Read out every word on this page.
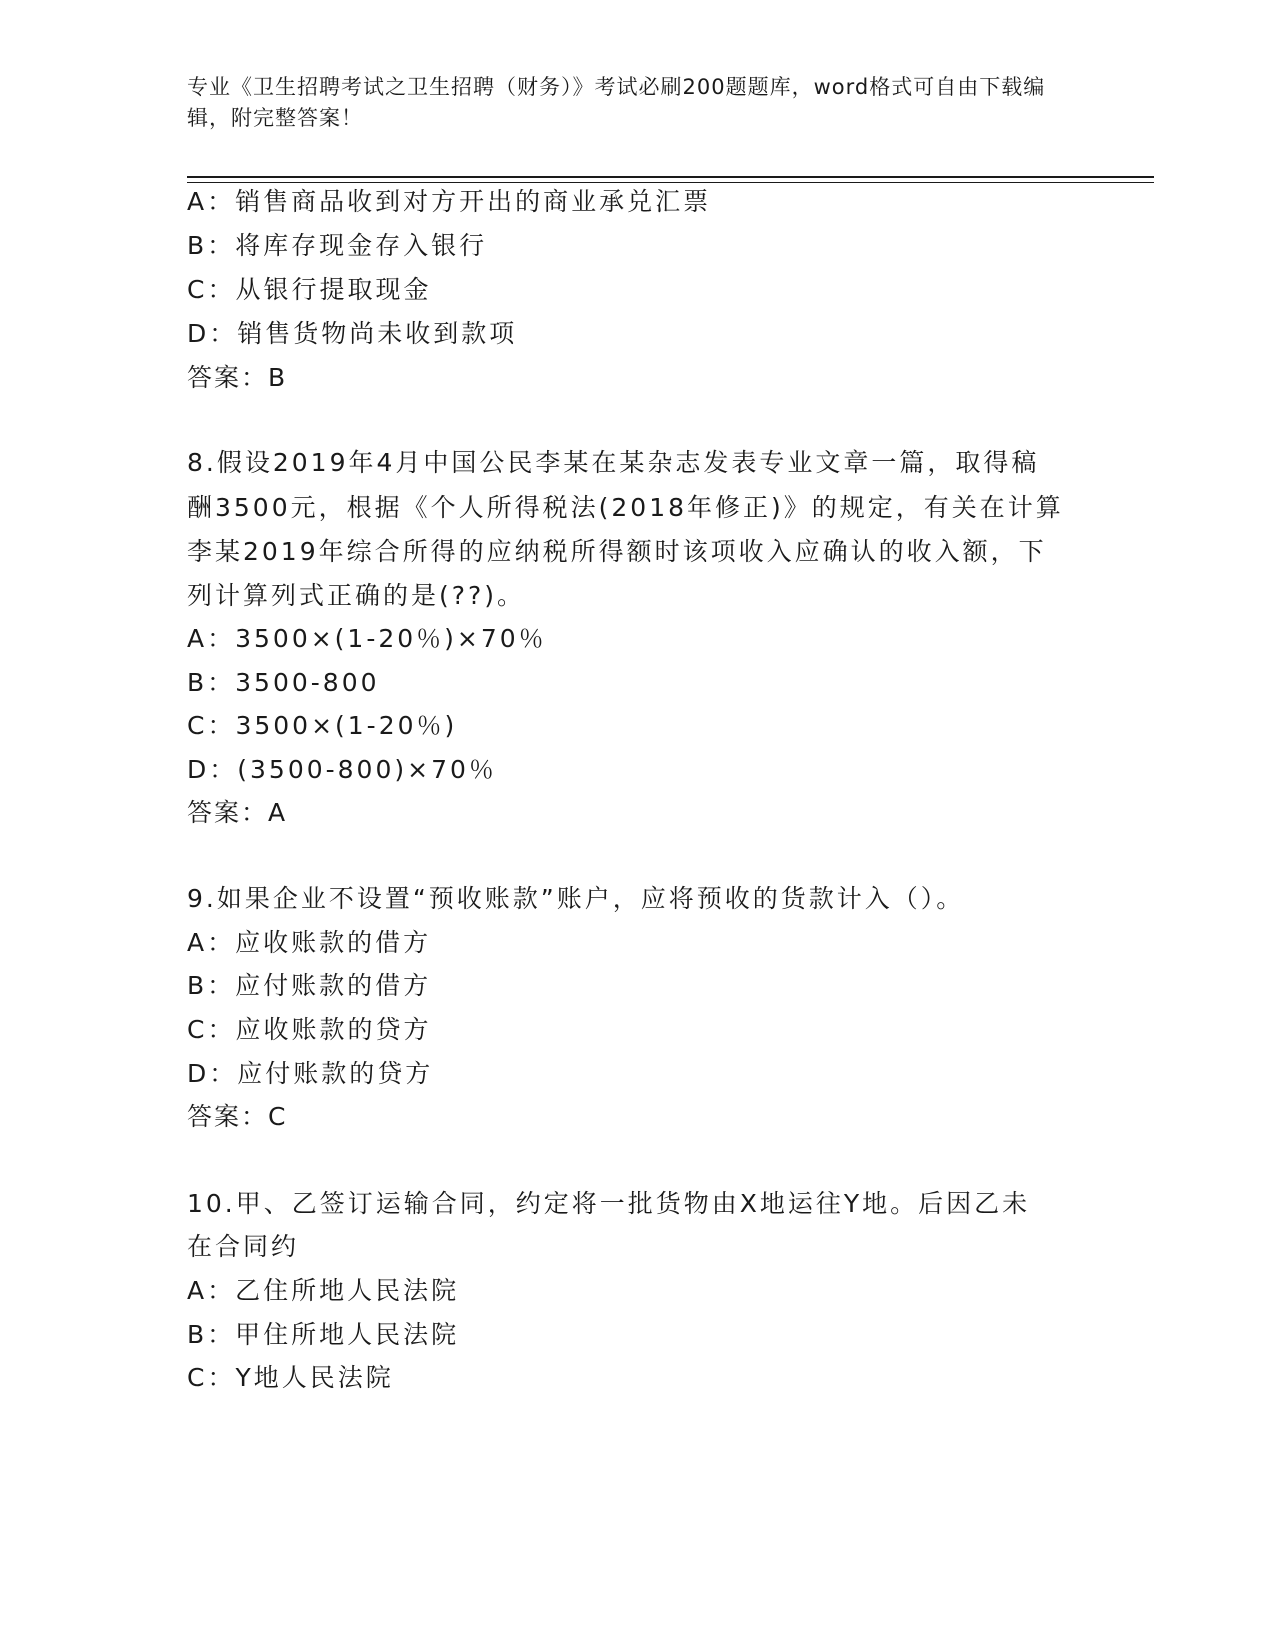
专业《卫生招聘考试之卫生招聘（财务）》考试必刷200题题库，word格式可自由下载编辑，附完整答案！
A：销售商品收到对方开出的商业承兑汇票
B：将库存现金存入银行
C：从银行提取现金
D：销售货物尚未收到款项
答案：B
8.假设2019年4月中国公民李某在某杂志发表专业文章一篇，取得稿
酬3500元，根据《个人所得税法(2018年修正)》的规定，有关在计算
李某2019年综合所得的应纳税所得额时该项收入应确认的收入额，下
列计算列式正确的是(??)。
A：3500×(1-20％)×70％
B：3500-800
C：3500×(1-20％)
D：(3500-800)×70％
答案：A
9.如果企业不设置“预收账款”账户，应将预收的货款计入（）。
A：应收账款的借方
B：应付账款的借方
C：应收账款的贷方
D：应付账款的贷方
答案：C
10.甲、乙签订运输合同，约定将一批货物由X地运往Y地。后因乙未
在合同约
A：乙住所地人民法院
B：甲住所地人民法院
C：Y地人民法院
